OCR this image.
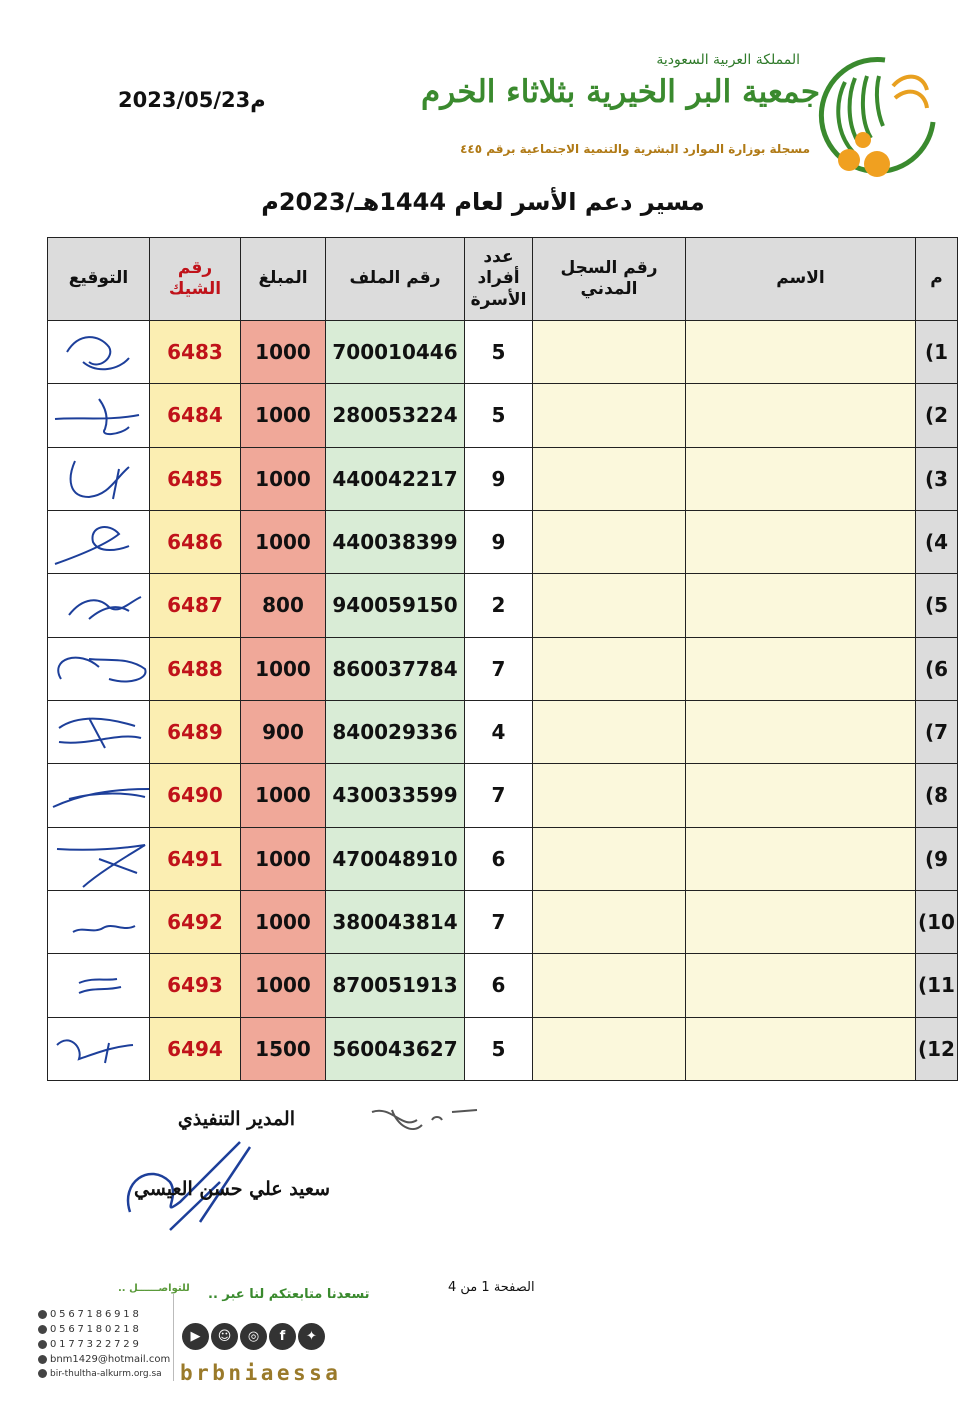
2023/05/23م
المملكة العربية السعودية
جمعية البر الخيرية بثلاثاء الخرم
مسجلة بوزارة الموارد البشرية والتنمية الاجتماعية برقم ٤٤٥
مسير دعم الأسر لعام 1444هـ/2023م
م	الاسم	رقم السجل المدني	عدد أفراد الأسرة	رقم الملف	المبلغ	رقم الشيك	التوقيع
1)			5	700010446	1000	6483	

2)			5	280053224	1000	6484	

3)			9	440042217	1000	6485	

4)			9	440038399	1000	6486	

5)			2	940059150	800	6487	

6)			7	860037784	1000	6488	

7)			4	840029336	900	6489	

8)			7	430033599	1000	6490	

9)			6	470048910	1000	6491	

10)			7	380043814	1000	6492	

11)			6	870051913	1000	6493	

12)			5	560043627	1500	6494	
المدير التنفيذي
سعيد علي حسن العيسي
الصفحة 1 من 4
للتواصــــــل .. تسعدنا متابعتكم لنا عبر ..
0567186918
0567180218
0177322729
bnm1429@hotmail.com
bir-thultha-alkurm.org.sa
▶ ☺ ◎ f ✦
brbniaessa
